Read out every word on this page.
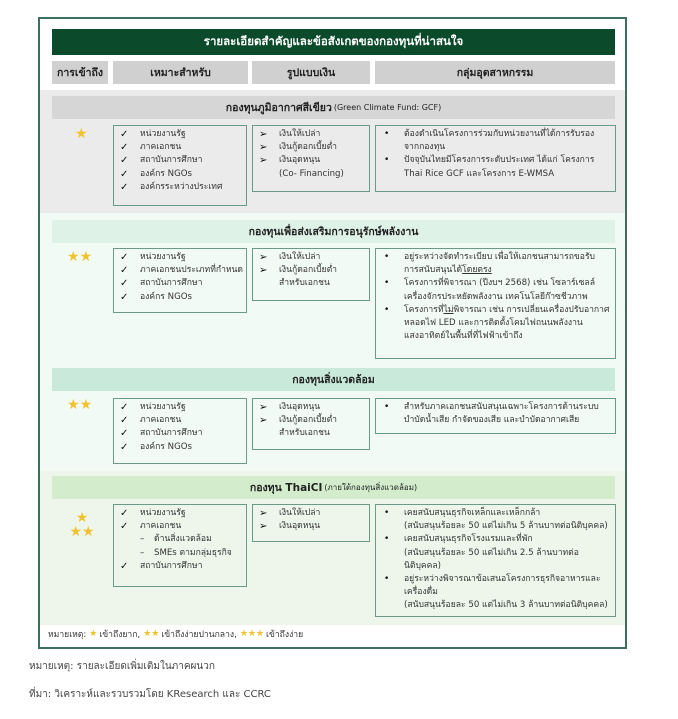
รายละเอียดสำคัญและข้อสังเกตของกองทุนที่น่าสนใจ
การเข้าถึง	เหมาะสำหรับ	รูปแบบเงิน	กลุ่มอุตสาหกรรม
กองทุนภูมิอากาศสีเขียว (Green Climate Fund: GCF)
★	✓ หน่วยงานรัฐ
✓ ภาคเอกชน
✓ สถาบันการศึกษา
✓ องค์กร NGOs
✓ องค์กรระหว่างประเทศ
➢ เงินให้เปล่า
➢ เงินกู้ดอกเบี้ยต่ำ
➢ เงินอุดหนุน
(Co- Financing)
• ต้องดำเนินโครงการร่วมกับหน่วยงานที่ได้การรับรอง
จากกองทุน
• ปัจจุบันไทยมีโครงการระดับประเทศ ได้แก่ โครงการ
Thai Rice GCF และโครงการ E-WMSA
กองทุนเพื่อส่งเสริมการอนุรักษ์พลังงาน
★★	✓ หน่วยงานรัฐ
✓ ภาคเอกชนประเภทที่กำหนด
✓ สถาบันการศึกษา
✓ องค์กร NGOs
➢ เงินให้เปล่า
➢ เงินกู้ดอกเบี้ยต่ำ
สำหรับเอกชน
• อยู่ระหว่างจัดทำระเบียบ เพื่อให้เอกชนสามารถขอรับ
การสนับสนุนได้โดยตรง
• โครงการที่พิจารณา (ปีงบฯ 2568) เช่น โซลาร์เซลล์
เครื่องจักรประหยัดพลังงาน เทคโนโลยีก๊าซชีวภาพ
• โครงการที่ไม่พิจารณา เช่น การเปลี่ยนเครื่องปรับอากาศ
หลอดไฟ LED และการติดตั้งโคมไฟถนนพลังงาน
แสงอาทิตย์ในพื้นที่ที่ไฟฟ้าเข้าถึง
กองทุนสิ่งแวดล้อม
★★	✓ หน่วยงานรัฐ
✓ ภาคเอกชน
✓ สถาบันการศึกษา
✓ องค์กร NGOs
➢ เงินอุดหนุน
➢ เงินกู้ดอกเบี้ยต่ำ
สำหรับเอกชน
• สำหรับภาคเอกชนสนับสนุนเฉพาะโครงการด้านระบบ
บำบัดน้ำเสีย กำจัดของเสีย และบำบัดอากาศเสีย
กองทุน ThaiCI (ภายใต้กองทุนสิ่งแวดล้อม)
★
★★
✓ หน่วยงานรัฐ
✓ ภาคเอกชน
– ด้านสิ่งแวดล้อม
– SMEs ตามกลุ่มธุรกิจ
✓ สถาบันการศึกษา
➢ เงินให้เปล่า
➢ เงินอุดหนุน
• เคยสนับสนุนธุรกิจเหล็กและเหล็กกล้า
(สนับสนุนร้อยละ 50 แต่ไม่เกิน 5 ล้านบาทต่อนิติบุคคล)
• เคยสนับสนุนธุรกิจโรงแรมและที่พัก
(สนับสนุนร้อยละ 50 แต่ไม่เกิน 2.5 ล้านบาทต่อนิติบุคคล)
• อยู่ระหว่างพิจารณาข้อเสนอโครงการธุรกิจอาหารและ
เครื่องดื่ม
(สนับสนุนร้อยละ 50 แต่ไม่เกิน 3 ล้านบาทต่อนิติบุคคล)
หมายเหตุ: ★ เข้าถึงยาก, ★★ เข้าถึงง่ายปานกลาง, ★★★ เข้าถึงง่าย
หมายเหตุ: รายละเอียดเพิ่มเติมในภาคผนวก
ที่มา: วิเคราะห์และรวบรวมโดย KResearch และ CCRC
